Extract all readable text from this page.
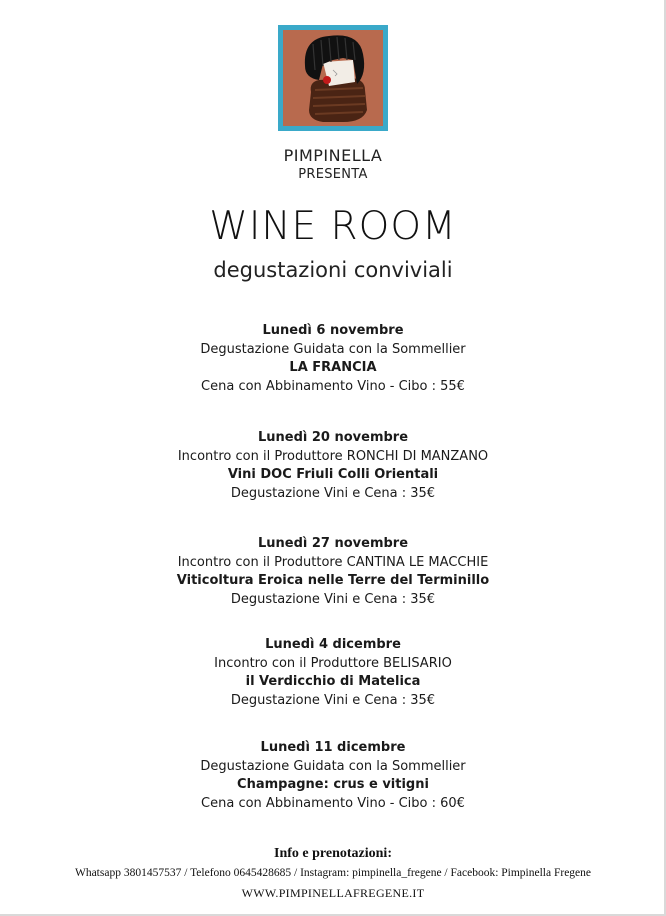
PIMPINELLA
PRESENTA
WINE ROOM
degustazioni conviviali
Lunedì 6 novembre
Degustazione Guidata con la Sommellier
LA FRANCIA
Cena con Abbinamento Vino - Cibo : 55€
Lunedì 20 novembre
Incontro con il Produttore RONCHI DI MANZANO
Vini DOC Friuli Colli Orientali
Degustazione Vini e Cena : 35€
Lunedì 27 novembre
Incontro con il Produttore CANTINA LE MACCHIE
Viticoltura Eroica nelle Terre del Terminillo
Degustazione Vini e Cena : 35€
Lunedì 4 dicembre
Incontro con il Produttore BELISARIO
il Verdicchio di Matelica
Degustazione Vini e Cena : 35€
Lunedì 11 dicembre
Degustazione Guidata con la Sommellier
Champagne: crus e vitigni
Cena con Abbinamento Vino - Cibo : 60€
Info e prenotazioni:
Whatsapp 3801457537 / Telefono 0645428685 / Instagram: pimpinella_fregene / Facebook: Pimpinella Fregene
WWW.PIMPINELLAFREGENE.IT
